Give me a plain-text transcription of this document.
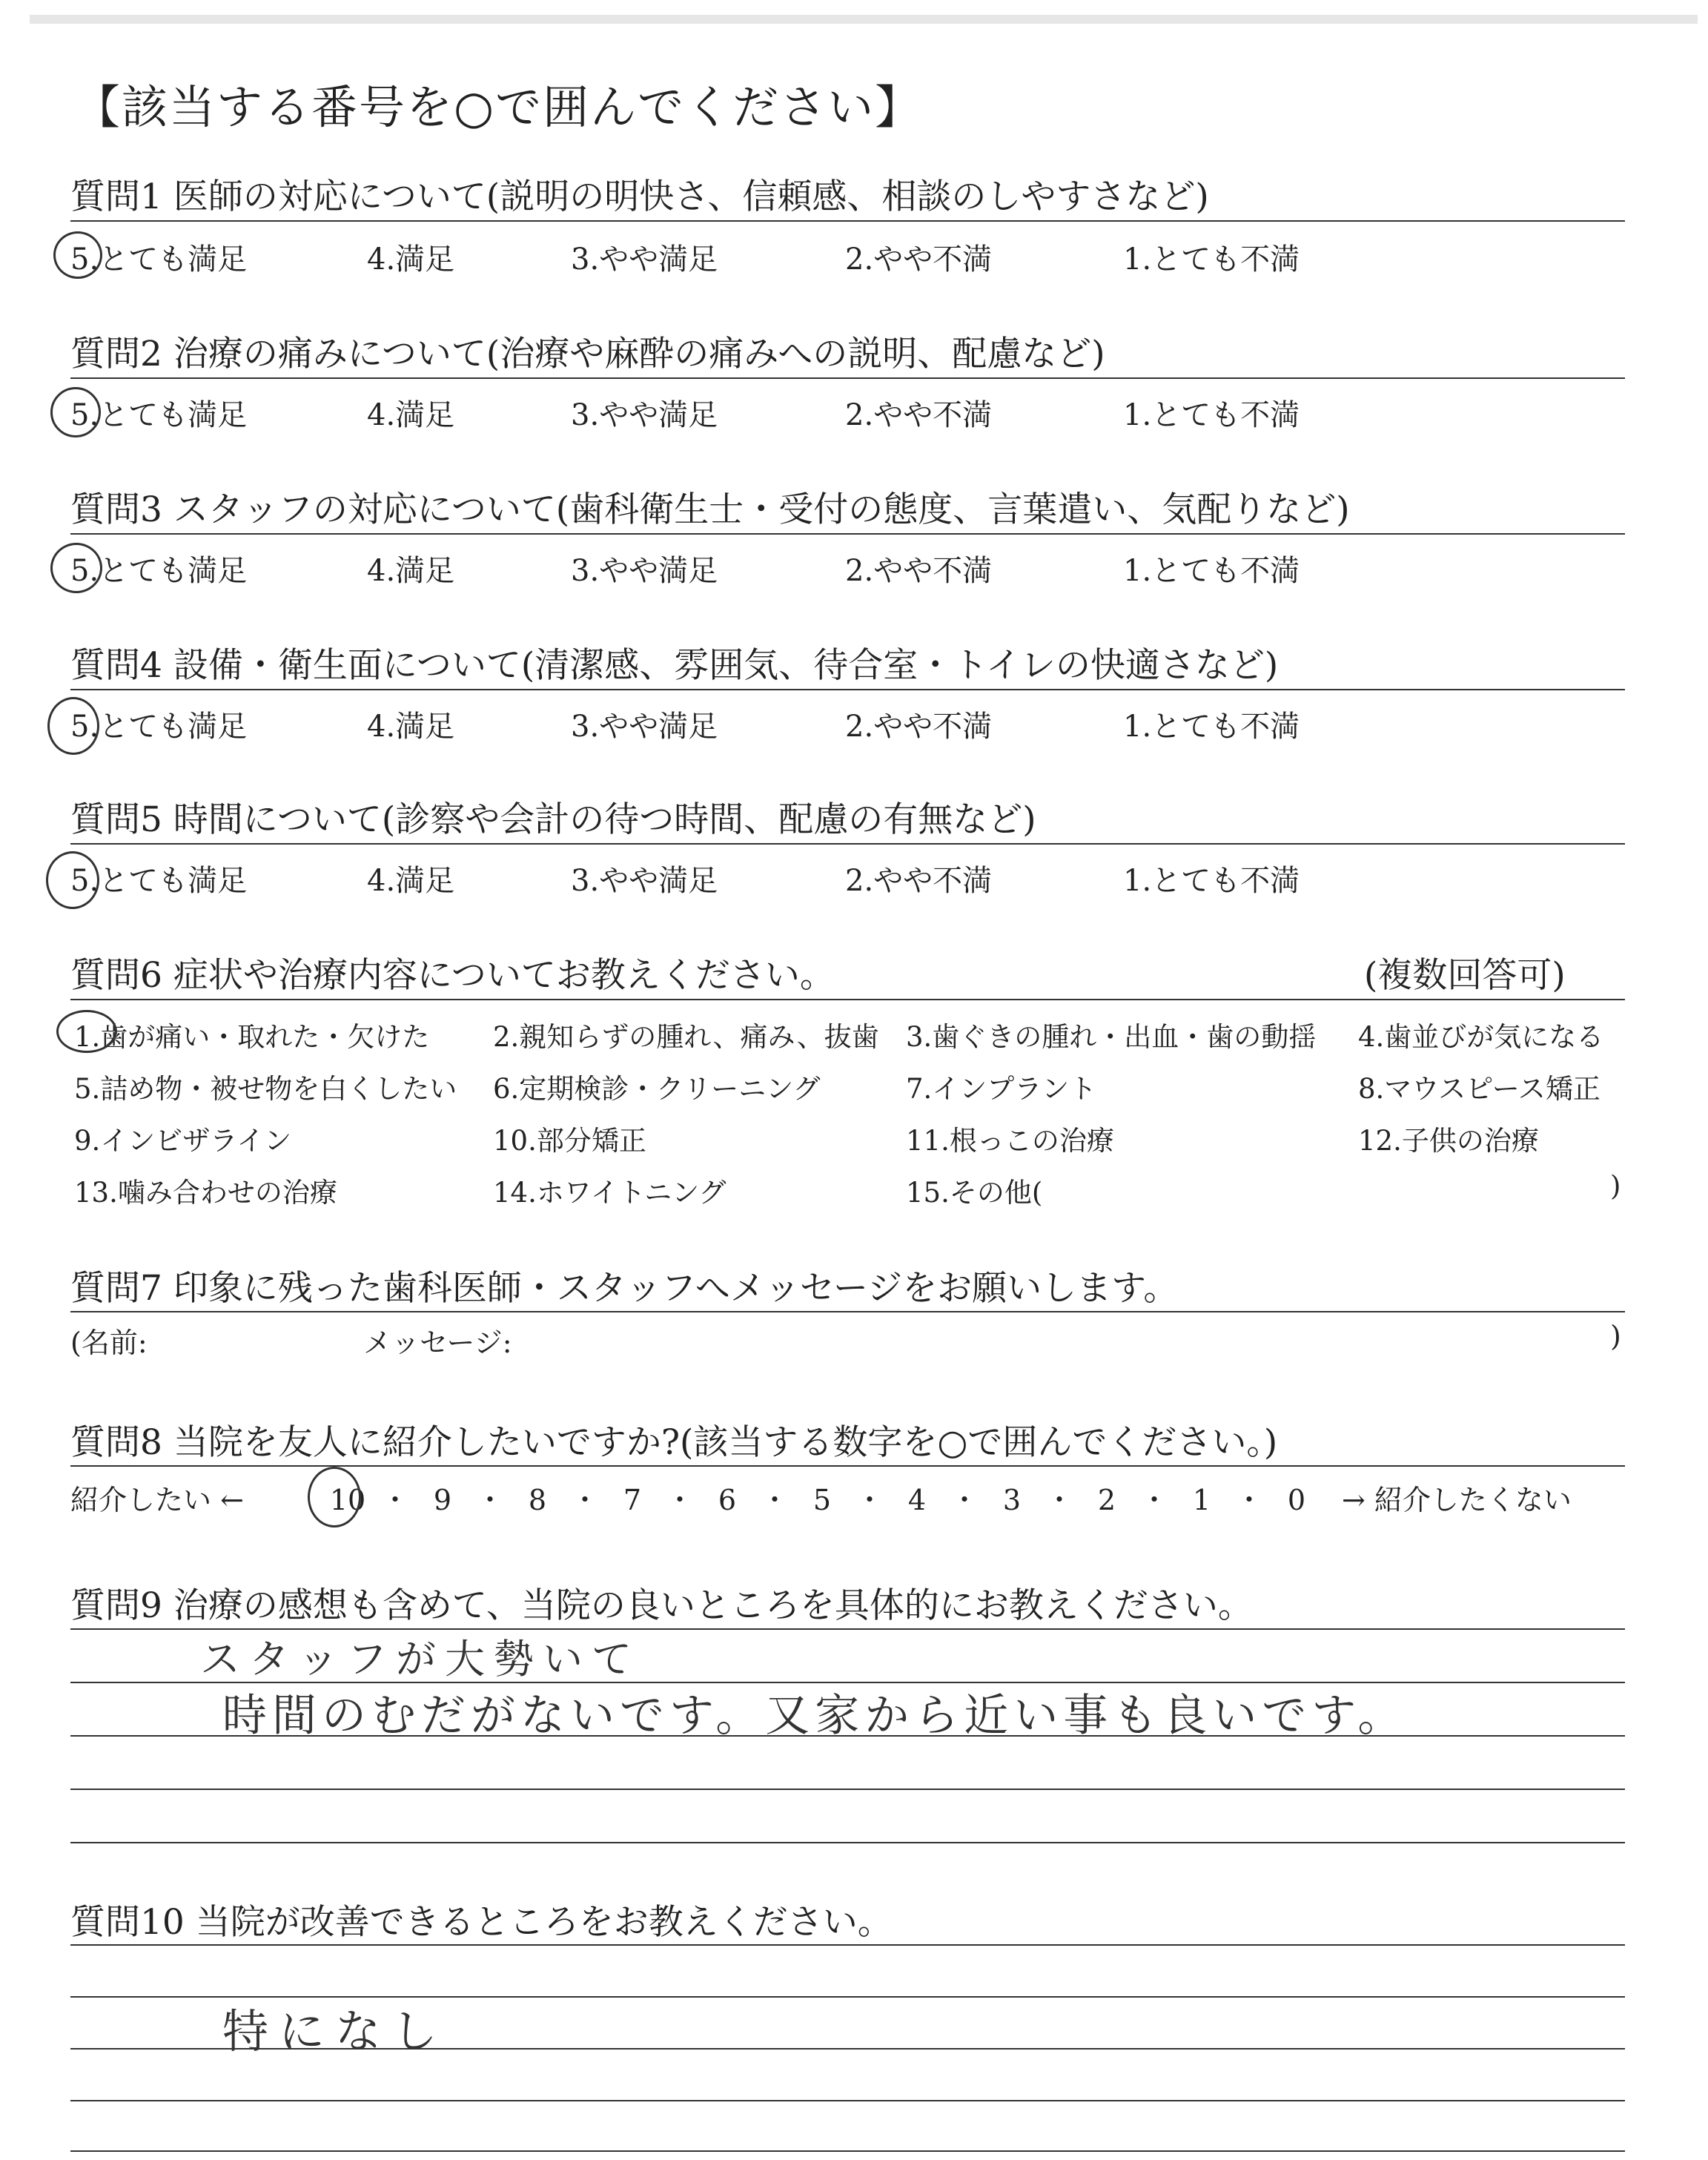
【該当する番号を○で囲んでください】
質問1 医師の対応について(説明の明快さ、信頼感、相談のしやすさなど)
5.とても満足	4.満足	3.やや満足	2.やや不満	1.とても不満
質問2 治療の痛みについて(治療や麻酔の痛みへの説明、配慮など)
5.とても満足	4.満足	3.やや満足	2.やや不満	1.とても不満
質問3 スタッフの対応について(歯科衛生士・受付の態度、言葉遣い、気配りなど)
5.とても満足	4.満足	3.やや満足	2.やや不満	1.とても不満
質問4 設備・衛生面について(清潔感、雰囲気、待合室・トイレの快適さなど)
5.とても満足	4.満足	3.やや満足	2.やや不満	1.とても不満
質問5 時間について(診察や会計の待つ時間、配慮の有無など)
5.とても満足	4.満足	3.やや満足	2.やや不満	1.とても不満
質問6 症状や治療内容についてお教えください。	(複数回答可)
1.歯が痛い・取れた・欠けた 2.親知らずの腫れ、痛み、抜歯 3.歯ぐきの腫れ・出血・歯の動揺 4.歯並びが気になる
5.詰め物・被せ物を白くしたい 6.定期検診・クリーニング	7.インプラント	8.マウスピース矯正
9.インビザライン	10.部分矯正	11.根っこの治療	12.子供の治療
13.噛み合わせの治療	14.ホワイトニング	15.その他(	)
質問7 印象に残った歯科医師・スタッフへメッセージをお願いします。
(名前:	メッセージ:	)
質問8 当院を友人に紹介したいですか?(該当する数字を○で囲んでください。)
紹介したい ←	10 ・ 9 ・ 8 ・ 7 ・ 6 ・ 5 ・ 4 ・ 3 ・ 2 ・ 1 ・ 0	→ 紹介したくない
質問9 治療の感想も含めて、当院の良いところを具体的にお教えください。
スタッフが大勢いて
時間のむだがないです。又家から近い事も良いです。
質問10 当院が改善できるところをお教えください。
特になし
